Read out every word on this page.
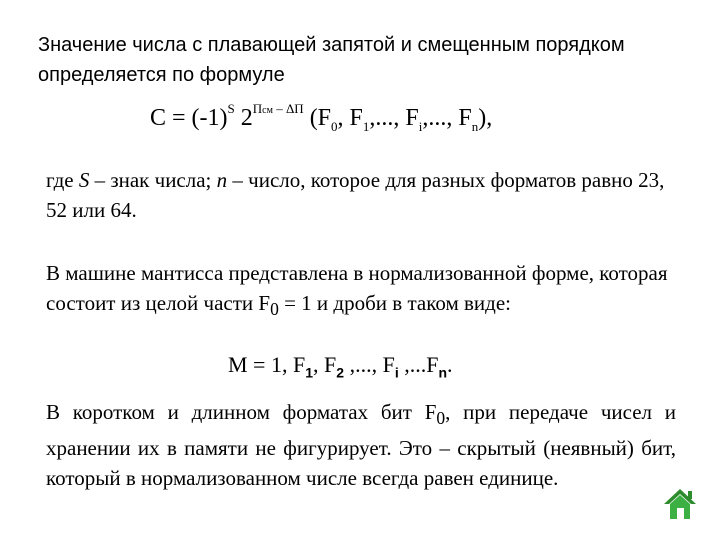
Значение числа с плавающей запятой и смещенным порядком
определяется по формуле

$C = (-1)^S$ $2^{Псм - \Delta П}$ ($F_0$, $F_1$,..., $F_i$,..., $F_n$),

где S – знак числа; n – число, которое для разных форматов равно 23, 52 или 64.

В машине мантисса представлена в нормализованной форме, которая состоит из целой части $F_0 = 1$ и дроби в таком виде:

M = 1, $F_1$, $F_2$ ,..., $F_i$ $,...F_n$.

В коротком и длинном форматах бит $F_0$, при передаче чисел и хранении их в памяти не фигурирует. Это – скрытый (неявный) бит, который в нормализованном числе всегда равен единице.
